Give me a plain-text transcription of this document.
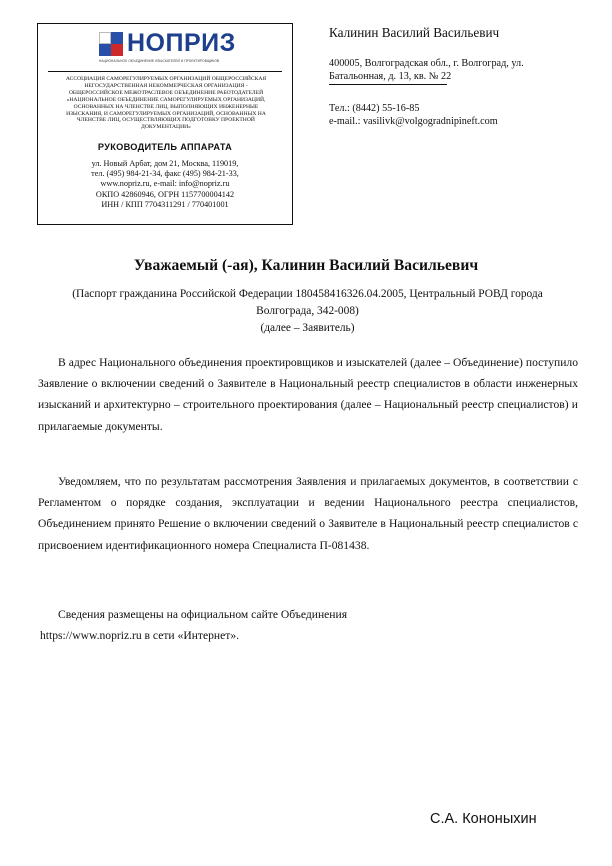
НОПРИЗ
НАЦИОНАЛЬНОЕ ОБЪЕДИНЕНИЕ ИЗЫСКАТЕЛЕЙ И ПРОЕКТИРОВЩИКОВ
АССОЦИАЦИЯ САМОРЕГУЛИРУЕМЫХ ОРГАНИЗАЦИЙ ОБЩЕРОССИЙСКАЯ НЕГОСУДАРСТВЕННАЯ НЕКОММЕРЧЕСКАЯ ОРГАНИЗАЦИЯ - ОБЩЕРОССИЙСКОЕ МЕЖОТРАСЛЕВОЕ ОБЪЕДИНЕНИЕ РАБОТОДАТЕЛЕЙ «НАЦИОНАЛЬНОЕ ОБЪЕДИНЕНИЕ САМОРЕГУЛИРУЕМЫХ ОРГАНИЗАЦИЙ, ОСНОВАННЫХ НА ЧЛЕНСТВЕ ЛИЦ, ВЫПОЛНЯЮЩИХ ИНЖЕНЕРНЫЕ ИЗЫСКАНИЯ, И САМОРЕГУЛИРУЕМЫХ ОРГАНИЗАЦИЙ, ОСНОВАННЫХ НА ЧЛЕНСТВЕ ЛИЦ, ОСУЩЕСТВЛЯЮЩИХ ПОДГОТОВКУ ПРОЕКТНОЙ ДОКУМЕНТАЦИИ»
РУКОВОДИТЕЛЬ АППАРАТА
ул. Новый Арбат, дом 21, Москва, 119019,
тел. (495) 984-21-34, факс (495) 984-21-33,
www.nopriz.ru, e-mail: info@nopriz.ru
ОКПО 42860946, ОГРН 1157700004142
ИНН / КПП 7704311291 / 770401001
Калинин Василий Васильевич
400005, Волгоградская обл., г. Волгоград, ул.
Батальонная, д. 13, кв. № 22
Тел.: (8442) 55-16-85
e-mail.: vasilivk@volgogradnipineft.com
Уважаемый (-ая), Калинин Василий Васильевич
(Паспорт гражданина Российской Федерации 180458416326.04.2005, Центральный РОВД города
Волгограда, 342-008)
(далее – Заявитель)

В адрес Национального объединения проектировщиков и изыскателей (далее – Объединение) поступило Заявление о включении сведений о Заявителе в Национальный реестр специалистов в области инженерных изысканий и архитектурно – строительного проектирования (далее – Национальный реестр специалистов) и прилагаемые документы.

Уведомляем, что по результатам рассмотрения Заявления и прилагаемых документов, в соответствии с Регламентом о порядке создания, эксплуатации и ведении Национального реестра специалистов, Объединением принято Решение о включении сведений о Заявителе в Национальный реестр специалистов с присвоением идентификационного номера Специалиста П-081438.

Сведения размещены на официальном сайте Объединения
https://www.nopriz.ru в сети «Интернет».
С.А. Кононыхин
